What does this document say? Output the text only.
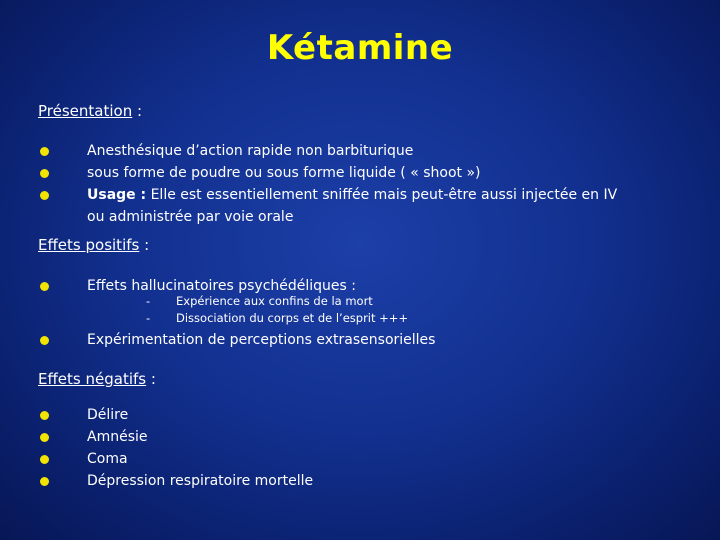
Kétamine
Présentation :
Anesthésique d’action rapide non barbiturique
sous forme de poudre ou sous forme liquide ( « shoot »)
Usage : Elle est essentiellement sniffée mais peut-être aussi injectée en IV
ou administrée par voie orale
Effets positifs :
Effets hallucinatoires psychédéliques :
- Expérience aux confins de la mort
- Dissociation du corps et de l’esprit +++
Expérimentation de perceptions extrasensorielles
Effets négatifs :
Délire
Amnésie
Coma
Dépression respiratoire mortelle
